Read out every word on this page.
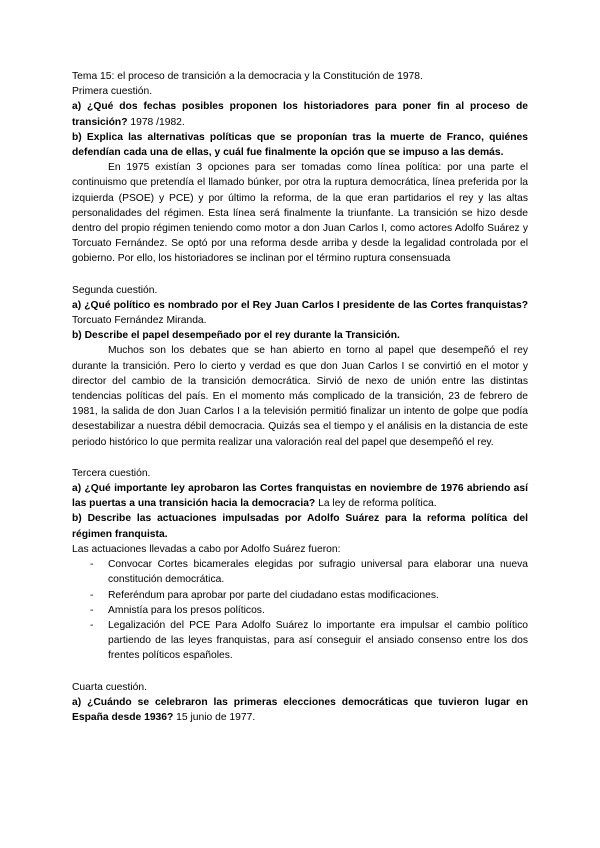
Tema 15: el proceso de transición a la democracia y la Constitución de 1978.

Primera cuestión.

a) ¿Qué dos fechas posibles proponen los historiadores para poner fin al proceso de transición? 1978 /1982.

b) Explica las alternativas políticas que se proponían tras la muerte de Franco, quiénes defendían cada una de ellas, y cuál fue finalmente la opción que se impuso a las demás.

En 1975 existían 3 opciones para ser tomadas como línea política: por una parte el continuismo que pretendía el llamado búnker, por otra la ruptura democrática, línea preferida por la izquierda (PSOE) y PCE) y por último la reforma, de la que eran partidarios el rey y las altas personalidades del régimen. Esta línea será finalmente la triunfante. La transición se hizo desde dentro del propio régimen teniendo como motor a don Juan Carlos I, como actores Adolfo Suárez y Torcuato Fernández. Se optó por una reforma desde arriba y desde la legalidad controlada por el gobierno. Por ello, los historiadores se inclinan por el término ruptura consensuada

Segunda cuestión.

a) ¿Qué político es nombrado por el Rey Juan Carlos I presidente de las Cortes franquistas? Torcuato Fernández Miranda.

b) Describe el papel desempeñado por el rey durante la Transición.

Muchos son los debates que se han abierto en torno al papel que desempeñó el rey durante la transición. Pero lo cierto y verdad es que don Juan Carlos I se convirtió en el motor y director del cambio de la transición democrática. Sirvió de nexo de unión entre las distintas tendencias políticas del país. En el momento más complicado de la transición, 23 de febrero de 1981, la salida de don Juan Carlos I a la televisión permitió finalizar un intento de golpe que podía desestabilizar a nuestra débil democracia. Quizás sea el tiempo y el análisis en la distancia de este periodo histórico lo que permita realizar una valoración real del papel que desempeñó el rey.

Tercera cuestión.

a) ¿Qué importante ley aprobaron las Cortes franquistas en noviembre de 1976 abriendo así las puertas a una transición hacia la democracia? La ley de reforma política.

b) Describe las actuaciones impulsadas por Adolfo Suárez para la reforma política del régimen franquista.

Las actuaciones llevadas a cabo por Adolfo Suárez fueron:

- Convocar Cortes bicamerales elegidas por sufragio universal para elaborar una nueva constitución democrática.
- Referéndum para aprobar por parte del ciudadano estas modificaciones.
- Amnistía para los presos políticos.
- Legalización del PCE Para Adolfo Suárez lo importante era impulsar el cambio político partiendo de las leyes franquistas, para así conseguir el ansiado consenso entre los dos frentes políticos españoles.

Cuarta cuestión.

a) ¿Cuándo se celebraron las primeras elecciones democráticas que tuvieron lugar en España desde 1936? 15 junio de 1977.
